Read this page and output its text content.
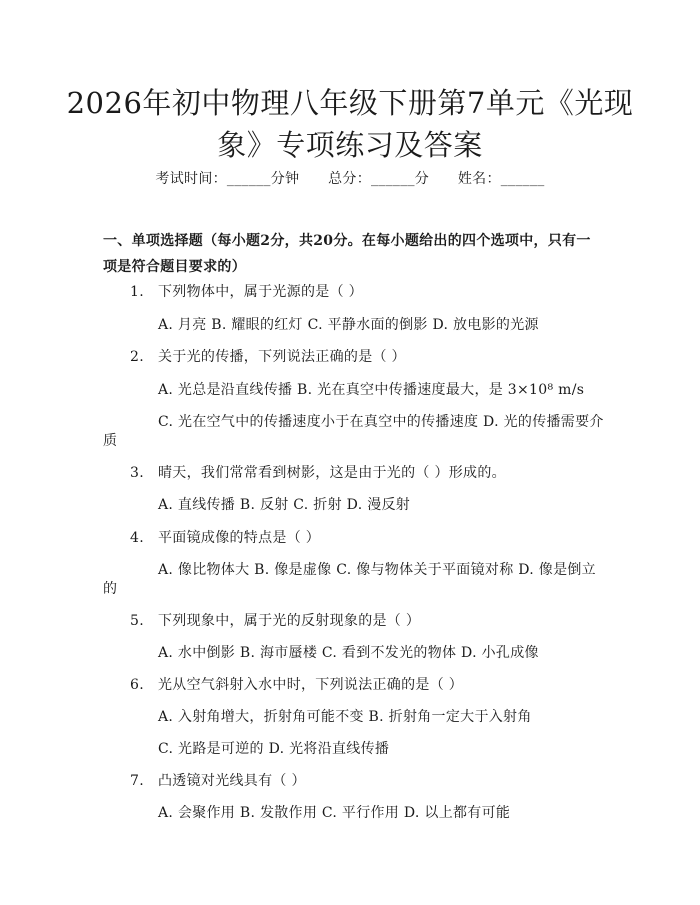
2026年初中物理八年级下册第7单元《光现象》专项练习及答案
考试时间：______分钟 总分：______分 姓名：______
一、单项选择题（每小题2分，共20分。在每小题给出的四个选项中，只有一项是符合题目要求的）
1. 下列物体中，属于光源的是（ ）
A. 月亮 B. 耀眼的红灯 C. 平静水面的倒影 D. 放电影的光源
2. 关于光的传播，下列说法正确的是（ ）
A. 光总是沿直线传播 B. 光在真空中传播速度最大，是 3×10⁸ m/s
C. 光在空气中的传播速度小于在真空中的传播速度 D. 光的传播需要介
质
3. 晴天，我们常常看到树影，这是由于光的（ ）形成的。
A. 直线传播 B. 反射 C. 折射 D. 漫反射
4. 平面镜成像的特点是（ ）
A. 像比物体大 B. 像是虚像 C. 像与物体关于平面镜对称 D. 像是倒立
的
5. 下列现象中，属于光的反射现象的是（ ）
A. 水中倒影 B. 海市蜃楼 C. 看到不发光的物体 D. 小孔成像
6. 光从空气斜射入水中时，下列说法正确的是（ ）
A. 入射角增大，折射角可能不变 B. 折射角一定大于入射角
C. 光路是可逆的 D. 光将沿直线传播
7. 凸透镜对光线具有（ ）
A. 会聚作用 B. 发散作用 C. 平行作用 D. 以上都有可能
